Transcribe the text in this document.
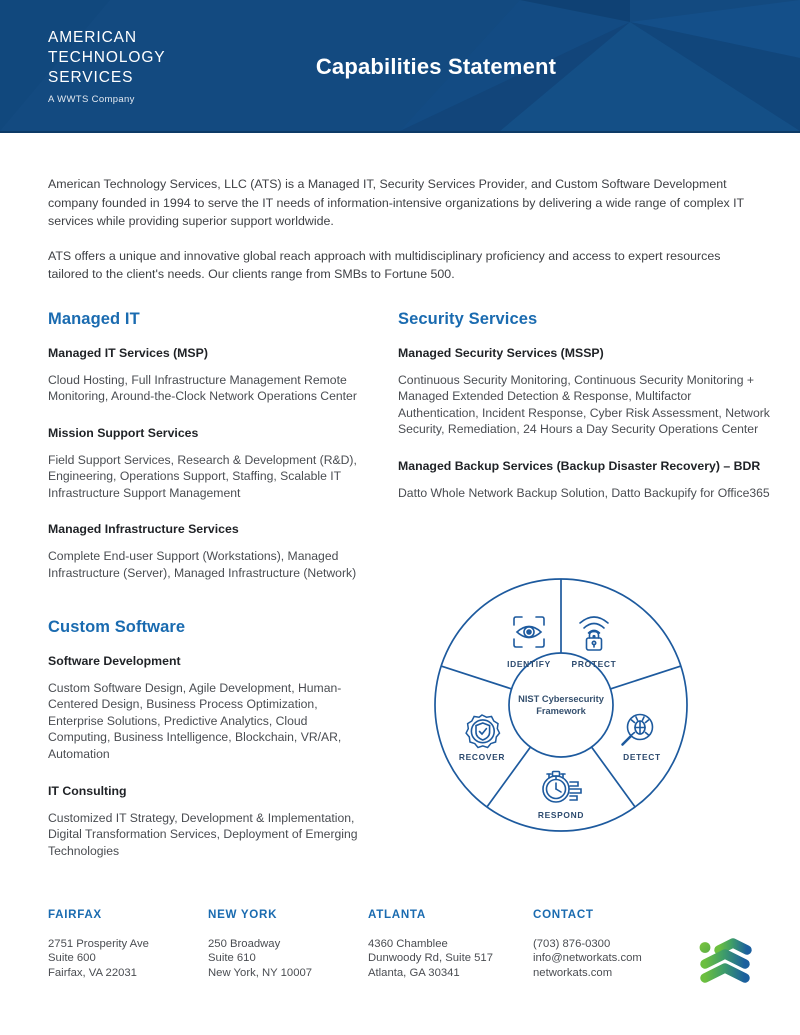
AMERICAN
TECHNOLOGY
SERVICES
A WWTS Company
Capabilities Statement

American Technology Services, LLC (ATS) is a Managed IT, Security Services Provider, and Custom Software Development company founded in 1994 to serve the IT needs of information-intensive organizations by delivering a wide range of complex IT services while providing superior support worldwide.

ATS offers a unique and innovative global reach approach with multidisciplinary proficiency and access to expert resources tailored to the client's needs. Our clients range from SMBs to Fortune 500.

Managed IT
Managed IT Services (MSP)

Cloud Hosting, Full Infrastructure Management Remote Monitoring, Around-the-Clock Network Operations Center

Mission Support Services

Field Support Services, Research & Development (R&D), Engineering, Operations Support, Staffing, Scalable IT Infrastructure Support Management

Managed Infrastructure Services

Complete End-user Support (Workstations), Managed Infrastructure (Server), Managed Infrastructure (Network)

Custom Software
Software Development

Custom Software Design, Agile Development, Human-Centered Design, Business Process Optimization, Enterprise Solutions, Predictive Analytics, Cloud Computing, Business Intelligence, Blockchain, VR/AR, Automation

IT Consulting

Customized IT Strategy, Development & Implementation, Digital Transformation Services, Deployment of Emerging Technologies

Security Services
Managed Security Services (MSSP)

Continuous Security Monitoring, Continuous Security Monitoring + Managed Extended Detection & Response, Multifactor Authentication, Incident Response, Cyber Risk Assessment, Network Security, Remediation, 24 Hours a Day Security Operations Center

Managed Backup Services (Backup Disaster Recovery) – BDR

Datto Whole Network Backup Solution, Datto Backupify for Office365

NIST Cybersecurity
Framework
IDENTIFY PROTECT
DETECT
RESPOND
RECOVER
FAIRFAX
2751 Prosperity Ave
Suite 600
Fairfax, VA 22031
NEW YORK
250 Broadway
Suite 610
New York, NY 10007
ATLANTA
4360 Chamblee
Dunwoody Rd, Suite 517
Atlanta, GA 30341
CONTACT
(703) 876-0300
info@networkats.com
networkats.com
